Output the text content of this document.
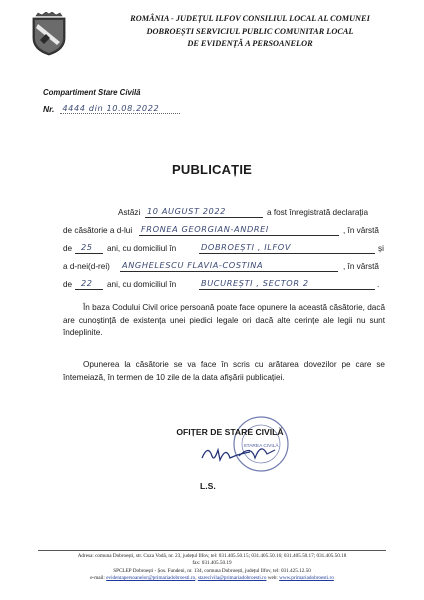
ROMÂNIA - JUDEȚUL ILFOV CONSILIUL LOCAL AL COMUNEI
DOBROEȘTI SERVICIUL PUBLIC COMUNITAR LOCAL
DE EVIDENȚĂ A PERSOANELOR
Compartiment Stare Civilă
Nr. 4444 din 10.08.2022
PUBLICAȚIE
Astăzi 10 AUGUST 2022	a fost înregistrată declarația
de căsătorie a d-lui FRONEA GEORGIAN-ANDREI	, în vârstă
de 25 ani, cu domiciliul în	DOBROEȘTI , ILFOV	și
a d-nei(d-rei) ANGHELESCU FLAVIA-COSTINA	, în vârstă
de 22 ani, cu domiciliul în	BUCUREȘTI , SECTOR 2	.
În baza Codului Civil orice persoană poate face opunere la această căsătorie, dacă are cunoștință de existența unei piedici legale ori dacă alte cerințe ale legii nu sunt îndeplinite.
Opunerea la căsătorie se va face în scris cu arătarea dovezilor pe care se întemeiază, în termen de 10 zile de la data afișării publicației.
STAREA CIVILĂ
OFIȚER DE STARE CIVILĂ
L.S.
Adresa: comuna Dobroești, str. Cuza Vodă, nr. 23, județul Ilfov, tel: 031.405.50.15; 031.405.50.16; 031.405.50.17; 031.405.50.18
fax: 031.405.50.19
SPCLEP Dobroești - Șos. Fundeni, nr. 134, comuna Dobroești, județul Ilfov, tel: 031.425.12.50
e-mail: evidentapersoanelor@primariadobroesti.ro, starecivila@primariadobroesti.ro web: www.primariadobroesti.ro
